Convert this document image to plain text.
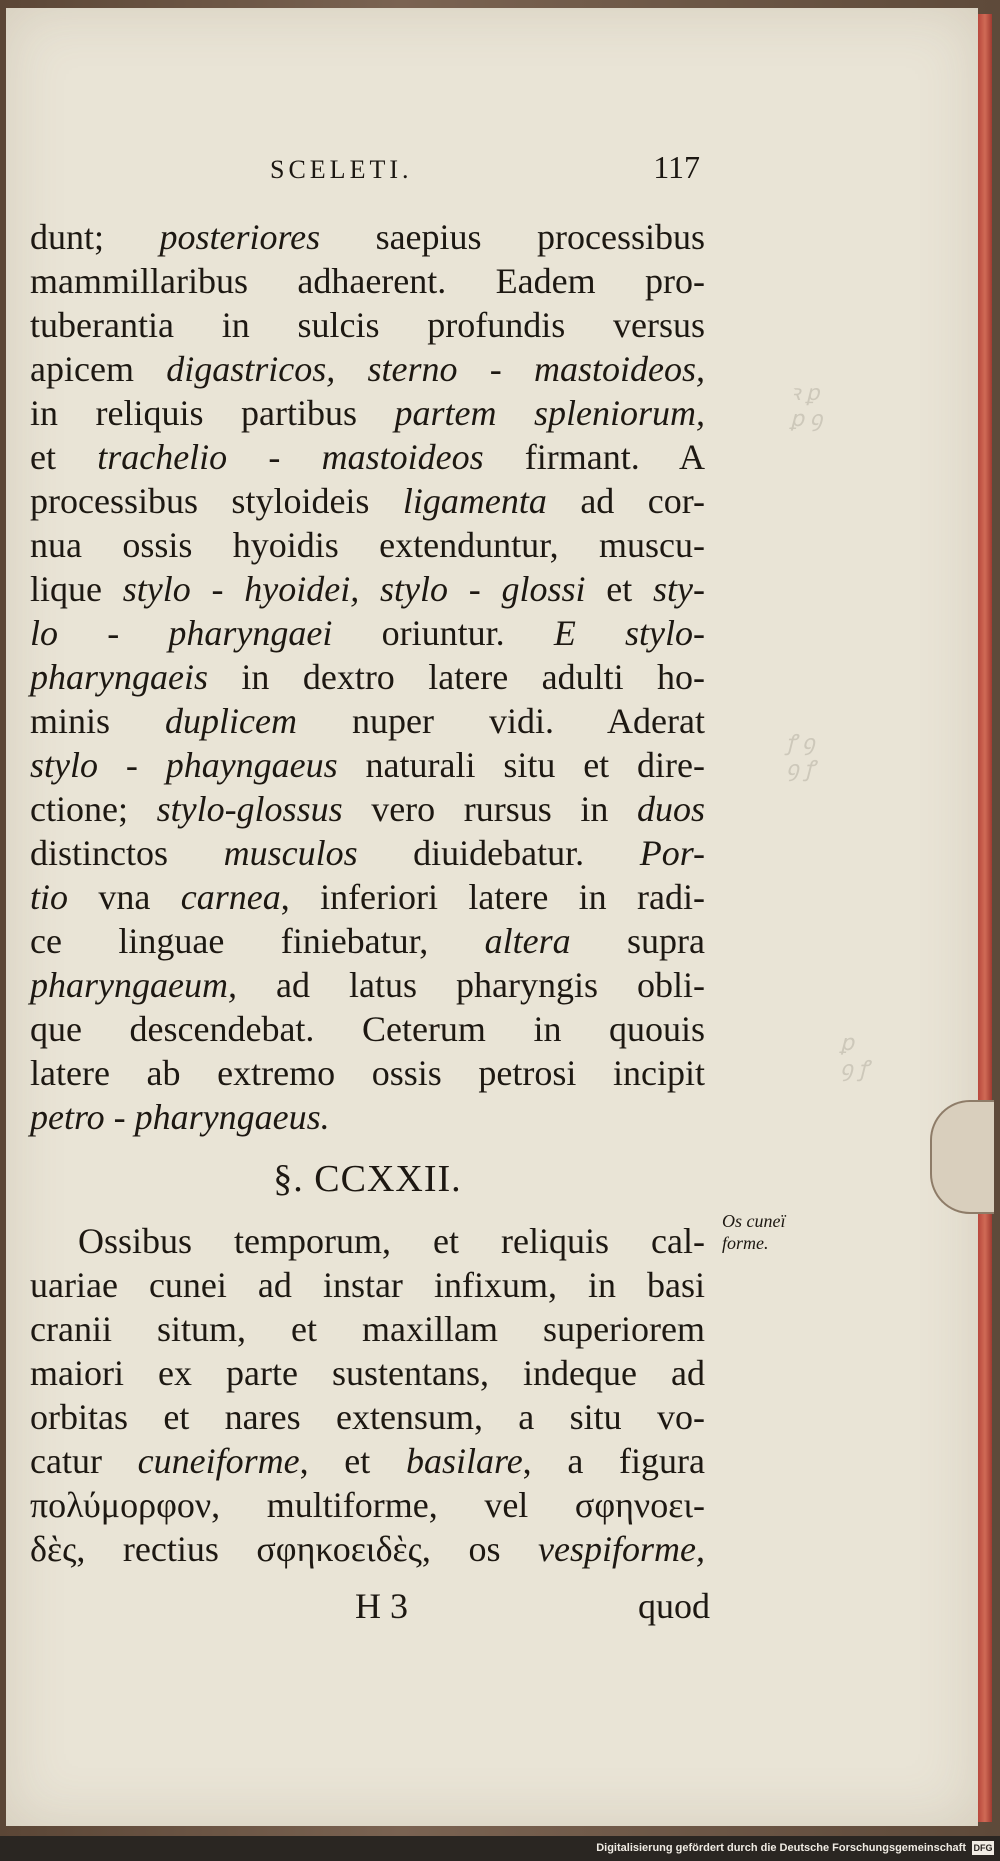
ꝛ ꝑ
ꝑ ꝯ
ꝭ ꝯ
ꝯ ꝭ
ꝑ
ꝯ ꝭ
SCELETI.	117
dunt; posteriores saepius processibus
mammillaribus adhaerent. Eadem pro-
tuberantia in sulcis profundis versus
apicem digastricos, sterno - mastoideos,
in reliquis partibus partem spleniorum,
et trachelio - mastoideos firmant. A
processibus styloideis ligamenta ad cor-
nua ossis hyoidis extenduntur, muscu-
lique stylo - hyoidei, stylo - glossi et sty-
lo - pharyngaei oriuntur. E stylo-
pharyngaeis in dextro latere adulti ho-
minis duplicem nuper vidi. Aderat
stylo - phayngaeus naturali situ et dire-
ctione; stylo-glossus vero rursus in duos
distinctos musculos diuidebatur. Por-
tio vna carnea, inferiori latere in radi-
ce linguae finiebatur, altera supra
pharyngaeum, ad latus pharyngis obli-
que descendebat. Ceterum in quouis
latere ab extremo ossis petrosi incipit
petro - pharyngaeus.
§. CCXXII.
Ossibus temporum, et reliquis cal-
uariae cunei ad instar infixum, in basi
cranii situm, et maxillam superiorem
maiori ex parte sustentans, indeque ad
orbitas et nares extensum, a situ vo-
catur cuneiforme, et basilare, a figura
πολύμορφον, multiforme, vel σφηνοει-
δὲς, rectius σφηκοειδὲς, os vespiforme,
Os cuneï
forme.
H 3	quod
Digitalisierung gefördert durch die Deutsche Forschungsgemeinschaft DFG
